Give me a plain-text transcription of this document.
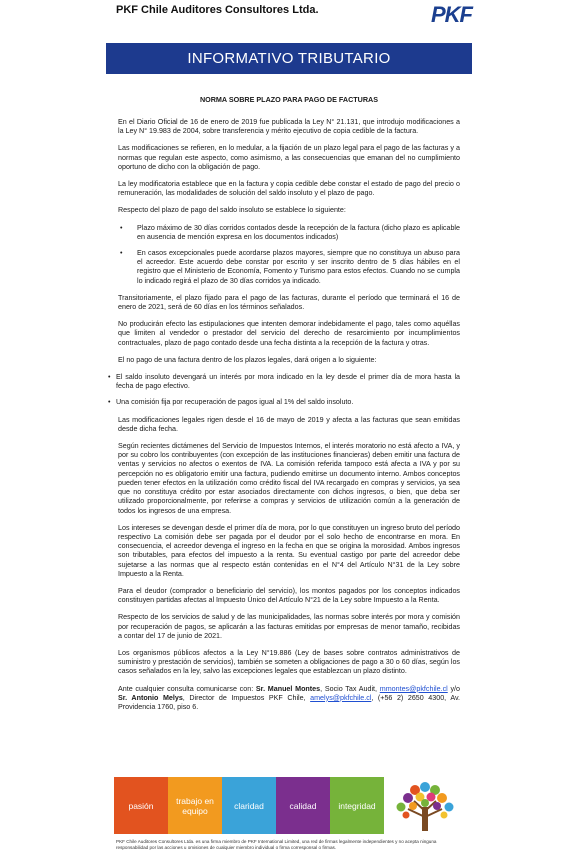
PKF Chile Auditores Consultores Ltda.	PKF
INFORMATIVO TRIBUTARIO
NORMA SOBRE PLAZO PARA PAGO DE FACTURAS

En el Diario Oficial de 16 de enero de 2019 fue publicada la Ley N° 21.131, que introdujo modificaciones a la Ley N° 19.983 de 2004, sobre transferencia y mérito ejecutivo de copia cedible de la factura.

Las modificaciones se refieren, en lo medular, a la fijación de un plazo legal para el pago de las facturas y a normas que regulan este aspecto, como asimismo, a las consecuencias que emanan del no cumplimiento oportuno de dicho con la obligación de pago.

La ley modificatoria establece que en la factura y copia cedible debe constar el estado de pago del precio o remuneración, las modalidades de solución del saldo insoluto y el plazo de pago.

Respecto del plazo de pago del saldo insoluto se establece lo siguiente:

• Plazo máximo de 30 días corridos contados desde la recepción de la factura (dicho plazo es aplicable en ausencia de mención expresa en los documentos indicados)
• En casos excepcionales puede acordarse plazos mayores, siempre que no constituya un abuso para el acreedor. Este acuerdo debe constar por escrito y ser inscrito dentro de 5 días hábiles en el registro que el Ministerio de Economía, Fomento y Turismo para estos efectos. Cuando no se cumpla lo indicado regirá el plazo de 30 días corridos ya indicado.

Transitoriamente, el plazo fijado para el pago de las facturas, durante el período que terminará el 16 de enero de 2021, será de 60 días en los términos señalados.

No producirán efecto las estipulaciones que intenten demorar indebidamente el pago, tales como aquéllas que limiten al vendedor o prestador del servicio del derecho de resarcimiento por incumplimientos contractuales, plazo de pago contado desde una fecha distinta a la recepción de la factura y otras.

El no pago de una factura dentro de los plazos legales, dará origen a lo siguiente:

• El saldo insoluto devengará un interés por mora indicado en la ley desde el primer día de mora hasta la fecha de pago efectivo.
• Una comisión fija por recuperación de pagos igual al 1% del saldo insoluto.

Las modificaciones legales rigen desde el 16 de mayo de 2019 y afecta a las facturas que sean emitidas desde dicha fecha.

Según recientes dictámenes del Servicio de Impuestos Internos, el interés moratorio no está afecto a IVA, y por su cobro los contribuyentes (con excepción de las instituciones financieras) deben emitir una factura de ventas y servicios no afectos o exentos de IVA. La comisión referida tampoco está afecta a IVA y por su percepción no es obligatorio emitir una factura, pudiendo emitirse un documento interno. Ambos conceptos pueden tener efectos en la utilización como crédito fiscal del IVA recargado en compras y servicios, ya sea que no constituya crédito por estar asociados directamente con dichos ingresos, o bien, que deba ser utilizado proporcionalmente, por referirse a compras y servicios de utilización común a la generación de todos los ingresos de una empresa.

Los intereses se devengan desde el primer día de mora, por lo que constituyen un ingreso bruto del período respectivo La comisión debe ser pagada por el deudor por el solo hecho de encontrarse en mora. En consecuencia, el acreedor devenga el ingreso en la fecha en que se origina la morosidad. Ambos ingresos son tributables, para efectos del impuesto a la renta. Su eventual castigo por parte del acreedor debe sujetarse a las normas que al respecto están contenidas en el N°4 del Artículo N°31 de la Ley sobre Impuesto a la Renta.

Para el deudor (comprador o beneficiario del servicio), los montos pagados por los conceptos indicados constituyen partidas afectas al Impuesto Único del Artículo N°21 de la Ley sobre Impuesto a la Renta.

Respecto de los servicios de salud y de las municipalidades, las normas sobre interés por mora y comisión por recuperación de pagos, se aplicarán a las facturas emitidas por empresas de menor tamaño, recibidas a contar del 17 de junio de 2021.

Los organismos públicos afectos a la Ley N°19.886 (Ley de bases sobre contratos administrativos de suministro y prestación de servicios), también se someten a obligaciones de pago a 30 o 60 días, según los casos señalados en la ley, salvo las excepciones legales que establezcan un plazo distinto.

Ante cualquier consulta comunicarse con: Sr. Manuel Montes, Socio Tax Audit, mmontes@pkfchile.cl y/o Sr. Antonio Melys, Director de Impuestos PKF Chile, amelys@pkfchile.cl, (+56 2) 2650 4300, Av. Providencia 1760, piso 6.

pasión	trabajo en equipo	claridad	calidad	integridad
PKF Chile Auditores Consultores Ltda. es una firma miembro de PKF International Limited, una red de firmas legalmente independientes y no acepta ninguna responsabilidad por las acciones u omisiones de cualquier miembro individual o firma corresponsal o firmas.
